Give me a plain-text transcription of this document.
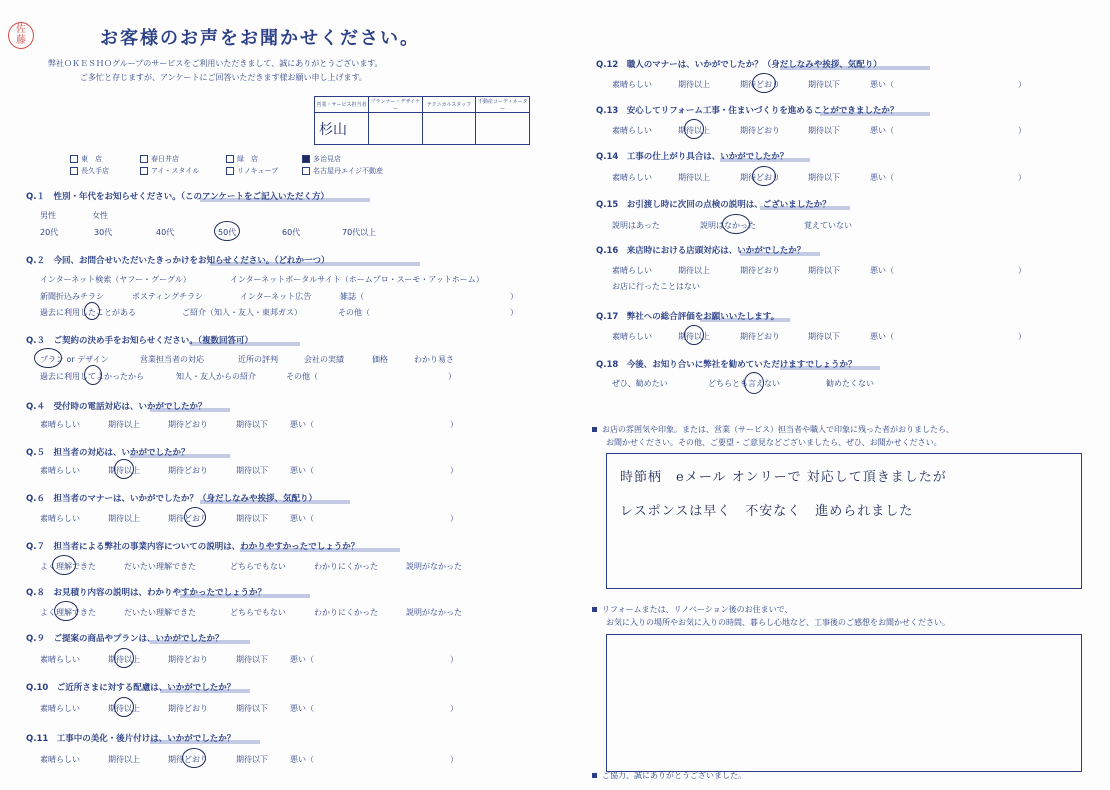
佐藤	お客様のお声をお聞かせください。
弊社ＯＫＥＳＨＯグループのサービスをご利用いただきまして、誠にありがとうございます。
ご多忙と存じますが、アンケートにご回答いただきます様お願い申し上げます。
営業・サービス担当者	プランナー・デザイナー	テクニカルスタッフ	不動産コーディネーター
杉山			
東　店	春日井店	緑　店	多治見店
長久手店	アイ・スタイル	リノキューブ	名古屋丹エイジ不動産
Q.１　性別・年代をお知らせください。（このアンケートをご記入いただく方）
男性	女性
20代	30代	40代	50代	60代	70代以上
Q.２　今回、お問合せいただいたきっかけをお知らせください。（どれか一つ）
インターネット検索（ヤフー・グーグル）	インターネットポータルサイト（ホームプロ・スーモ・アットホーム）
新聞折込みチラシ	ポスティングチラシ	インターネット広告	雑誌（	）
過去に利用したことがある	ご紹介（知人・友人・東邦ガス）	その他（	）
Q.３　ご契約の決め手をお知らせください。（複数回答可）
プラン or デザイン	営業担当者の対応	近所の評判	会社の実績	価格	わかり易さ
過去に利用してよかったから	知人・友人からの紹介	その他（	）
Q.４　受付時の電話対応は、いかがでしたか？
素晴らしい	期待以上	期待どおり	期待以下	悪い（	）
Q.５　担当者の対応は、いかがでしたか？
素晴らしい	期待以上	期待どおり	期待以下	悪い（	）
Q.６　担当者のマナーは、いかがでしたか？（身だしなみや挨拶、気配り）
素晴らしい	期待以上	期待どおり	期待以下	悪い（	）
Q.７　担当者による弊社の事業内容についての説明は、わかりやすかったでしょうか？
よく理解できた	だいたい理解できた	どちらでもない	わかりにくかった	説明がなかった
Q.８　お見積り内容の説明は、わかりやすかったでしょうか？
よく理解できた	だいたい理解できた	どちらでもない	わかりにくかった	説明がなかった
Q.９　ご提案の商品やプランは、いかがでしたか？
素晴らしい	期待以上	期待どおり	期待以下	悪い（	）
Q.10　ご近所さまに対する配慮は、いかがでしたか？
素晴らしい	期待以上	期待どおり	期待以下	悪い（	）
Q.11　工事中の美化・後片付けは、いかがでしたか？
素晴らしい	期待以上	期待どおり	期待以下	悪い（	）
Q.12　職人のマナーは、いかがでしたか？（身だしなみや挨拶、気配り）
素晴らしい	期待以上	期待どおり	期待以下	悪い（	）
Q.13　安心してリフォーム工事・住まいづくりを進めることができましたか？
素晴らしい	期待以上	期待どおり	期待以下	悪い（	）
Q.14　工事の仕上がり具合は、いかがでしたか？
素晴らしい	期待以上	期待どおり	期待以下	悪い（	）
Q.15　お引渡し時に次回の点検の説明は、ございましたか？
説明はあった	説明はなかった	覚えていない
Q.16　来店時における店頭対応は、いかがでしたか？
素晴らしい	期待以上	期待どおり	期待以下	悪い（	）
お店に行ったことはない
Q.17　弊社への総合評価をお願いいたします。
素晴らしい	期待以上	期待どおり	期待以下	悪い（	）
Q.18　今後、お知り合いに弊社を勧めていただけますでしょうか？
ぜひ、勧めたい	どちらとも言えない	勧めたくない
お店の雰囲気や印象。または、営業（サービス）担当者や職人で印象に残った者がおりましたら、
お聞かせください。その他、ご要望・ご意見などございましたら、ぜひ、お聞かせください。
時節柄　eメール オンリーで 対応して頂きましたが
レスポンスは早く　不安なく　進められました
リフォームまたは、リノベーション後のお住まいで、
お気に入りの場所やお気に入りの時間、暮らし心地など、工事後のご感想をお聞かせください。
ご協力、誠にありがとうございました。
